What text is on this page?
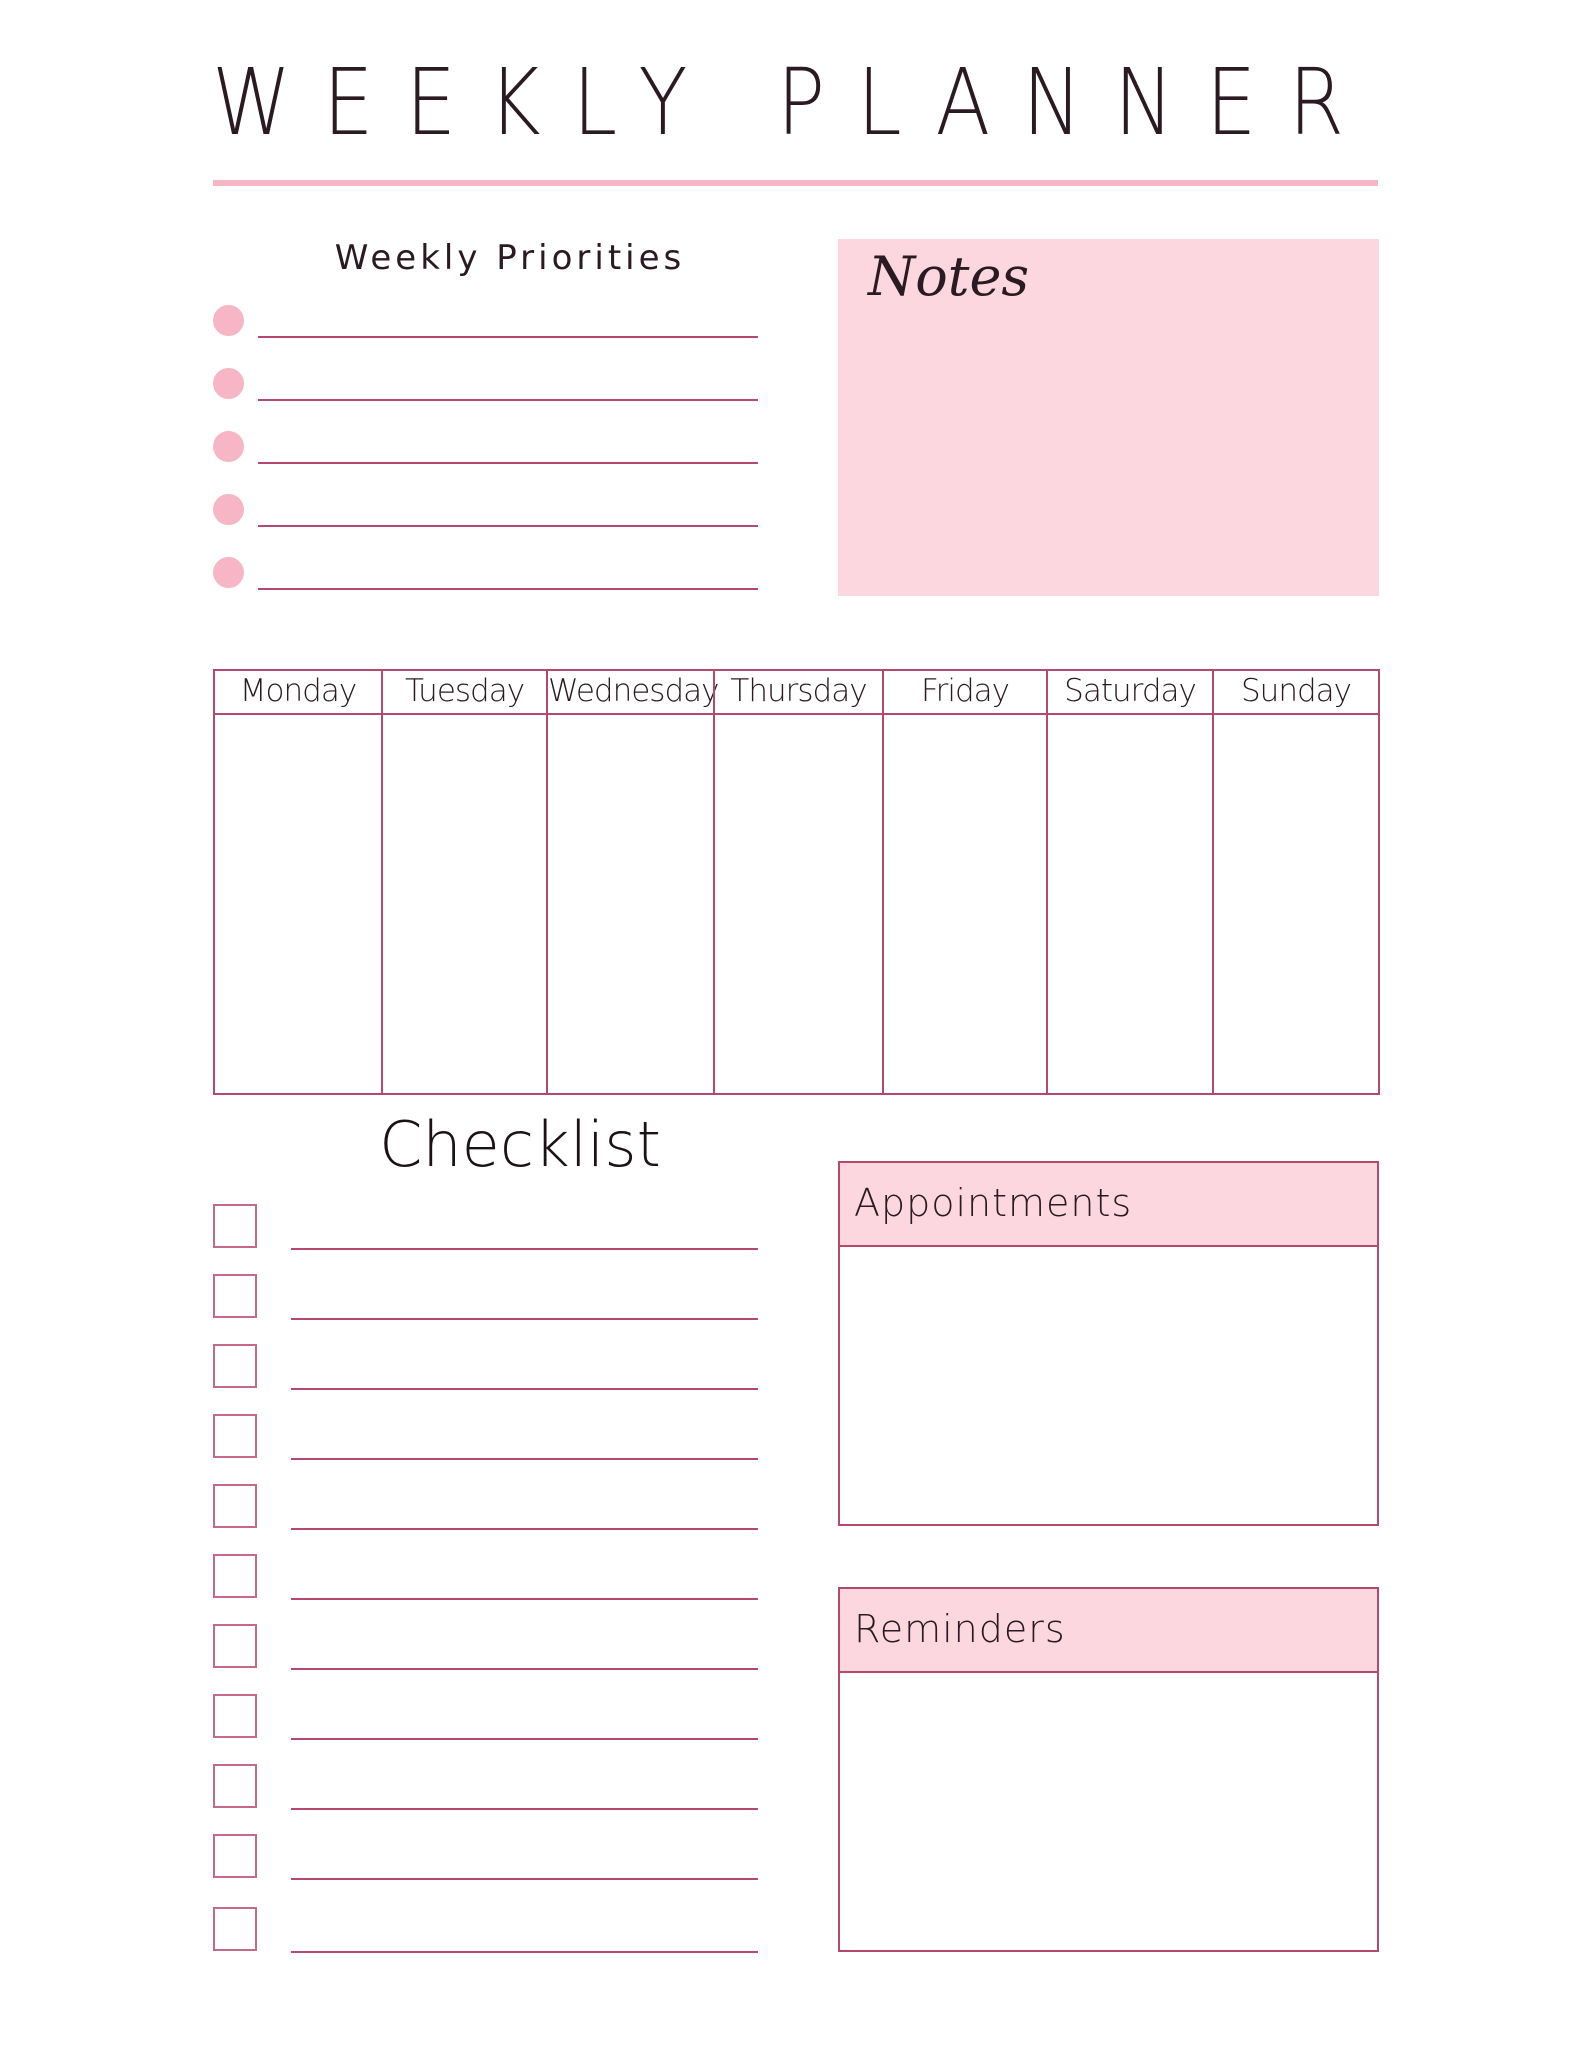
WEEKLY PLANNER
Weekly Priorities	Notes
Monday	Tuesday Wednesday Thursday	Friday	Saturday	Sunday
Checklist
Appointments
Reminders
